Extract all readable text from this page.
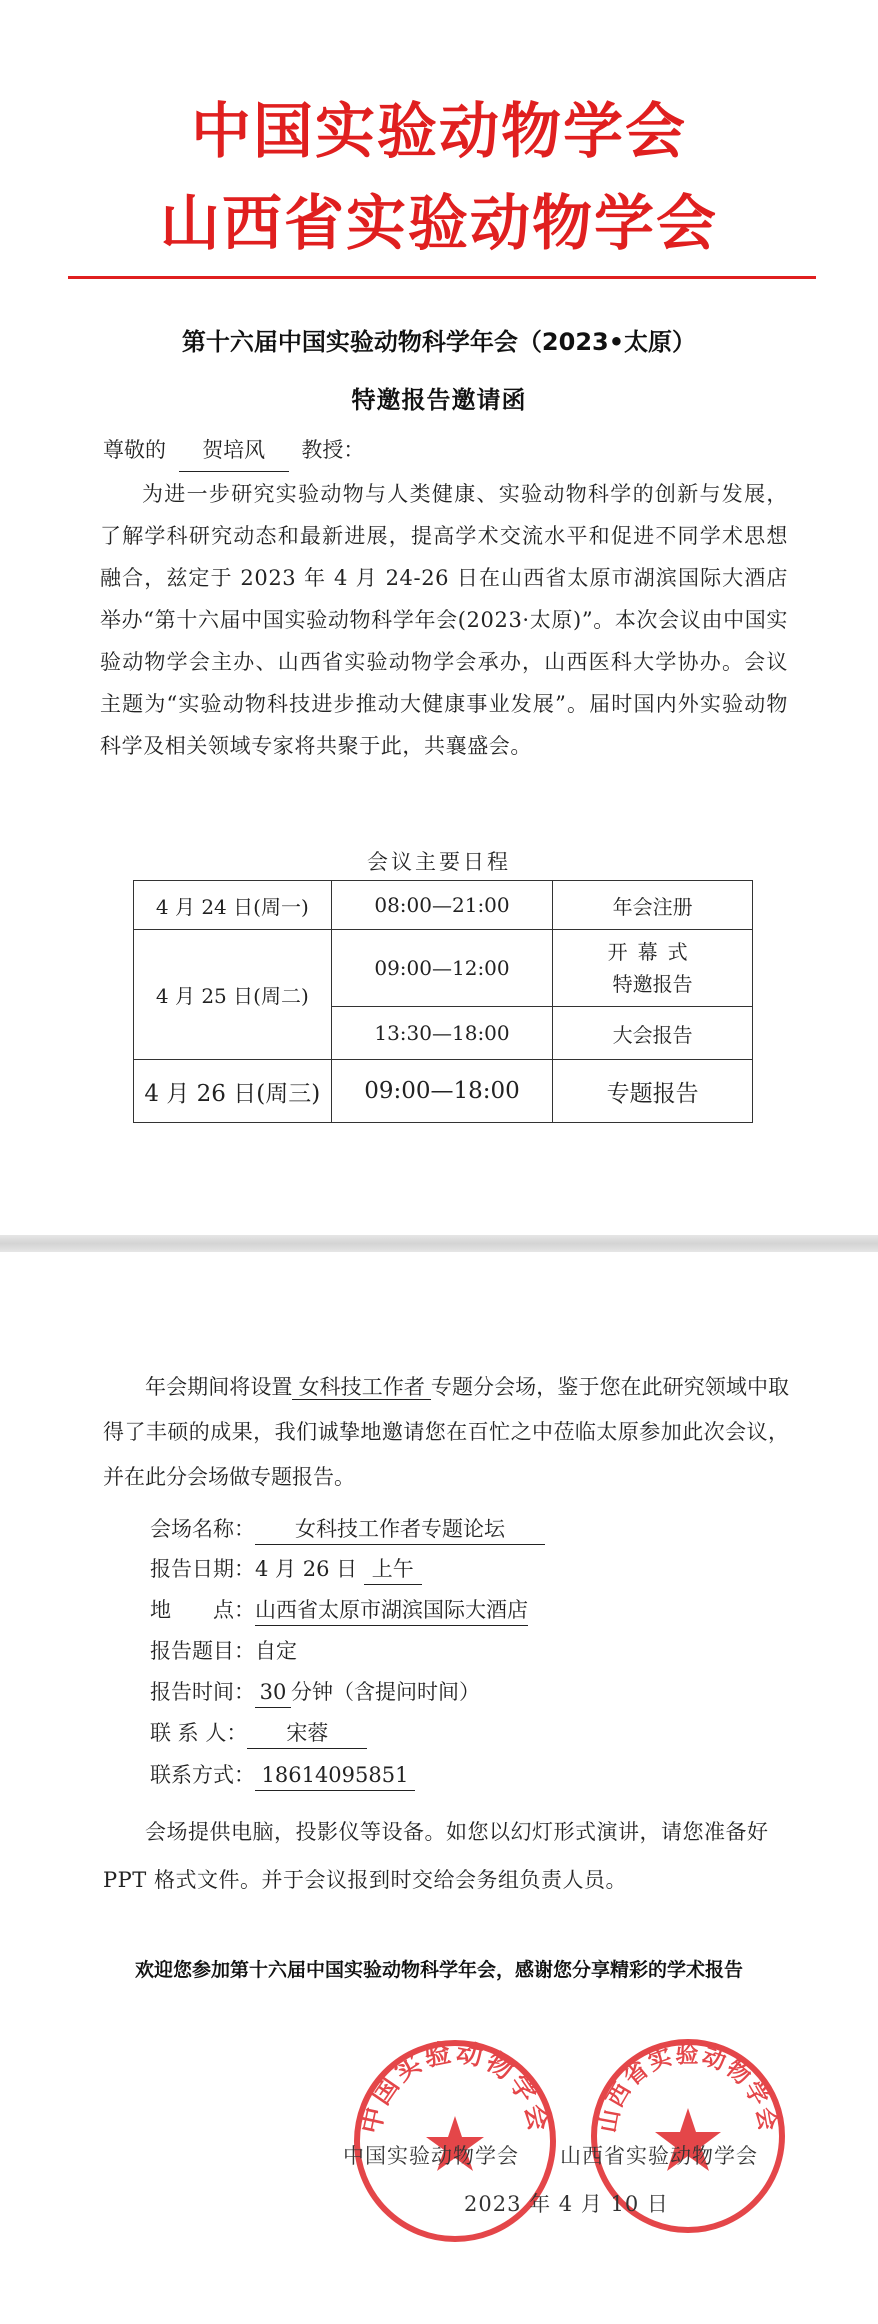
中国实验动物学会
山西省实验动物学会
第十六届中国实验动物科学年会（2023•太原）
特邀报告邀请函
尊敬的 贺培风 教授：
为进一步研究实验动物与人类健康、实验动物科学的创新与发展，了解学科研究动态和最新进展，提高学术交流水平和促进不同学术思想融合，兹定于 2023 年 4 月 24-26 日在山西省太原市湖滨国际大酒店举办“第十六届中国实验动物科学年会(2023·太原)”。本次会议由中国实验动物学会主办、山西省实验动物学会承办，山西医科大学协办。会议主题为“实验动物科技进步推动大健康事业发展”。届时国内外实验动物科学及相关领域专家将共聚于此，共襄盛会。
会议主要日程
4 月 24 日(周一)	08:00—21:00	年会注册
4 月 25 日(周二)	09:00—12:00	开幕式
特邀报告

	13:30—18:00	大会报告
4 月 26 日(周三)	09:00—18:00	专题报告
年会期间将设置 女科技工作者 专题分会场，鉴于您在此研究领域中取得了丰硕的成果，我们诚挚地邀请您在百忙之中莅临太原参加此次会议，并在此分会场做专题报告。
会场名称： 女科技工作者专题论坛
报告日期：4 月 26 日 上午
地　　点：山西省太原市湖滨国际大酒店
报告题目：自定
报告时间： 30 分钟（含提问时间）
联 系 人： 宋蓉
联系方式： 18614095851
会场提供电脑，投影仪等设备。如您以幻灯形式演讲，请您准备好 PPT 格式文件。并于会议报到时交给会务组负责人员。
欢迎您参加第十六届中国实验动物科学年会，感谢您分享精彩的学术报告
中国实验动物学会 山西省实验动物学会
中国实验动物学会 山西省实验动物学会
2023 年 4 月 10 日
